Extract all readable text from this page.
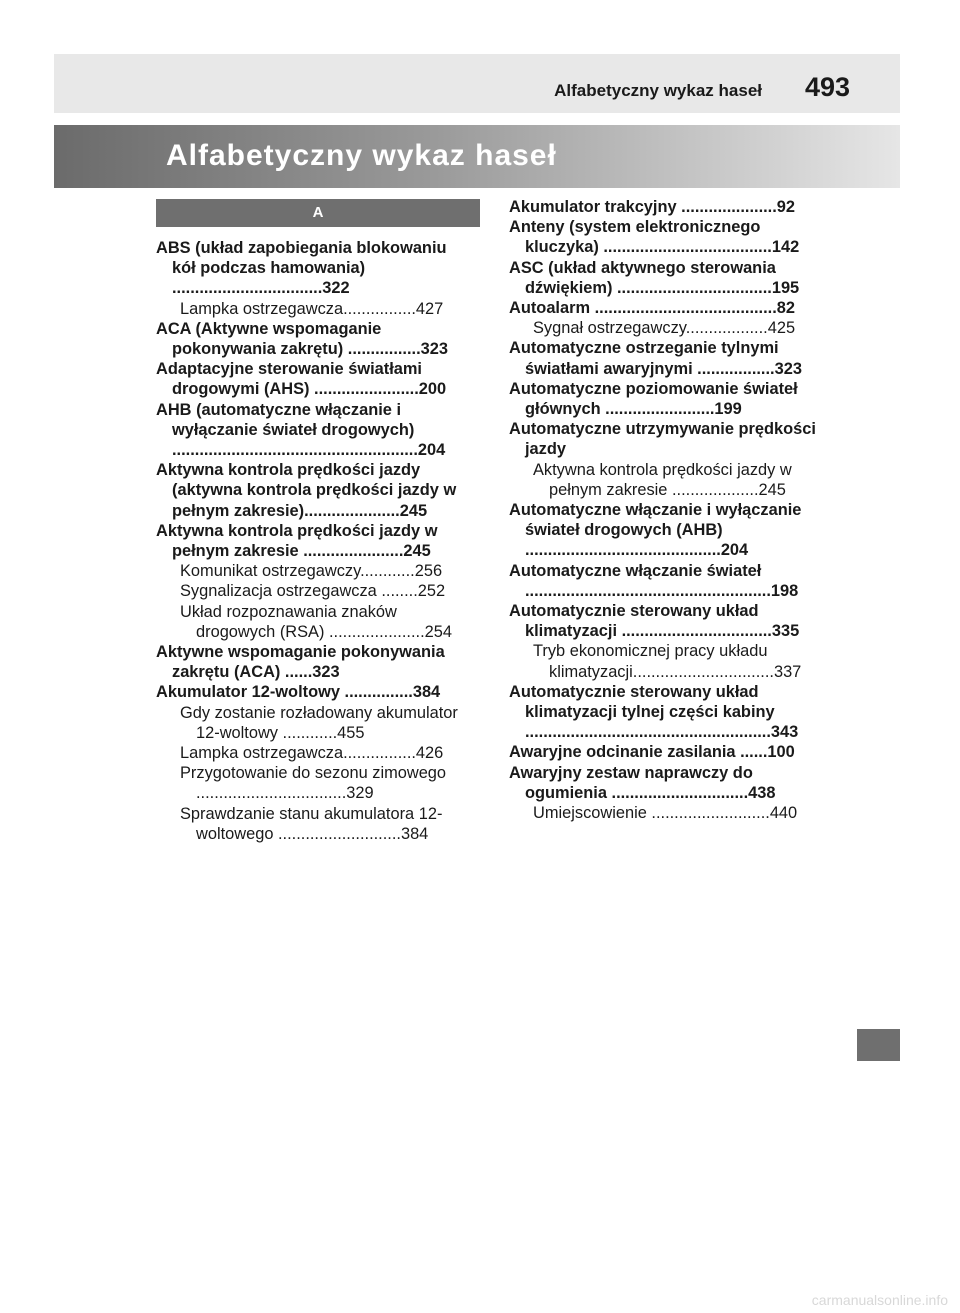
Alfabetyczny wykaz haseł 493
Alfabetyczny wykaz haseł
A
ABS (układ zapobiegania blokowaniu kół podczas hamowania) .................................322
Lampka ostrzegawcza................427
ACA (Aktywne wspomaganie pokonywania zakrętu) ................323
Adaptacyjne sterowanie światłami drogowymi (AHS) .......................200
AHB (automatyczne włączanie i wyłączanie świateł drogowych) ......................................................204
Aktywna kontrola prędkości jazdy (aktywna kontrola prędkości jazdy w pełnym zakresie).....................245
Aktywna kontrola prędkości jazdy w pełnym zakresie ......................245
Komunikat ostrzegawczy............256
Sygnalizacja ostrzegawcza ........252
Układ rozpoznawania znaków drogowych (RSA) .....................254
Aktywne wspomaganie pokonywania zakrętu (ACA) ......323
Akumulator 12-woltowy ...............384
Gdy zostanie rozładowany akumulator 12-woltowy ............455
Lampka ostrzegawcza................426
Przygotowanie do sezonu zimowego .................................329
Sprawdzanie stanu akumulatora 12-woltowego ...........................384
Akumulator trakcyjny .....................92
Anteny (system elektronicznego kluczyka) .....................................142
ASC (układ aktywnego sterowania dźwiękiem) ..................................195
Autoalarm ........................................82
Sygnał ostrzegawczy..................425
Automatyczne ostrzeganie tylnymi światłami awaryjnymi .................323
Automatyczne poziomowanie świateł głównych ........................199
Automatyczne utrzymywanie prędkości jazdy
Aktywna kontrola prędkości jazdy w pełnym zakresie ...................245
Automatyczne włączanie i wyłączanie świateł drogowych (AHB) ...........................................204
Automatyczne włączanie świateł ......................................................198
Automatycznie sterowany układ klimatyzacji .................................335
Tryb ekonomicznej pracy układu klimatyzacji...............................337
Automatycznie sterowany układ klimatyzacji tylnej części kabiny ......................................................343
Awaryjne odcinanie zasilania ......100
Awaryjny zestaw naprawczy do ogumienia ..............................438
Umiejscowienie ..........................440
carmanualsonline.info
